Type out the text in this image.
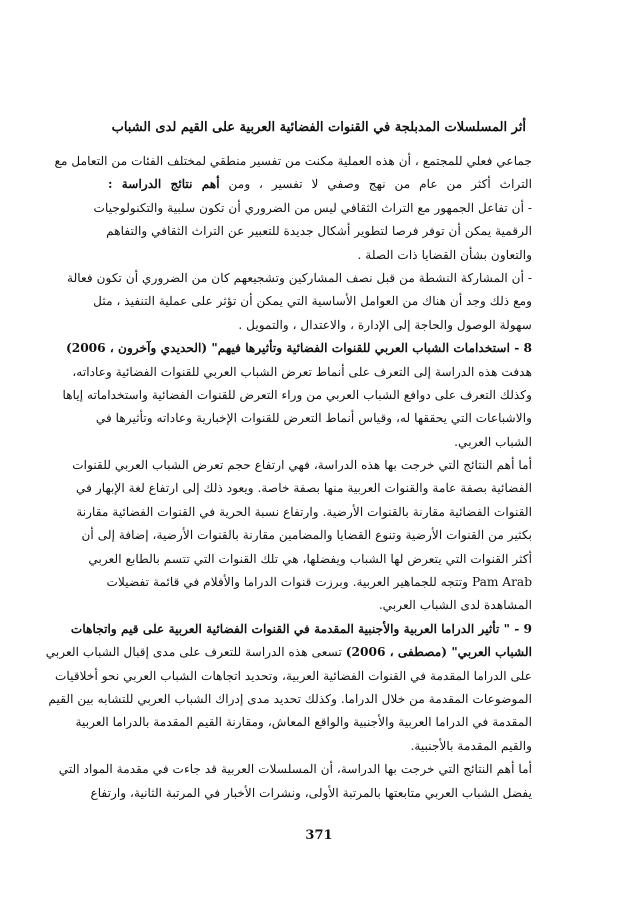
أثر المسلسلات المدبلجة في القنوات الفضائية العربية على القيم لدى الشباب
جماعي فعلي للمجتمع ، أن هذه العملية مكنت من تفسير منطقي لمختلف الفئات من التعامل مع
التراث أكثر من عام من نهج وصفي لا تفسير ، ومن أهم نتائج الدراسة :
- أن تفاعل الجمهور مع التراث الثقافي ليس من الضروري أن تكون سلبية والتكنولوجيات
الرقمية يمكن أن توفر فرصا لتطوير أشكال جديدة للتعبير عن التراث الثقافي والتفاهم
والتعاون بشأن القضايا ذات الصلة .
- أن المشاركة النشطة من قبل نصف المشاركين وتشجيعهم كان من الضروري أن تكون فعالة
ومع ذلك وجد أن هناك من العوامل الأساسية التي يمكن أن تؤثر على عملية التنفيذ ، مثل
سهولة الوصول والحاجة إلى الإدارة ، والاعتدال ، والتمويل .
8 - استخدامات الشباب العربي للقنوات الفضائية وتأثيرها فيهم" (الحديدي وآخرون ، 2006)
هدفت هذه الدراسة إلى التعرف على أنماط تعرض الشباب العربي للقنوات الفضائية وعاداته،
وكذلك التعرف على دوافع الشباب العربي من وراء التعرض للقنوات الفضائية واستخداماته إياها
والاشباعات التي يحققها له، وقياس أنماط التعرض للقنوات الإخبارية وعاداته وتأثيرها في
الشباب العربي.
أما أهم النتائج التي خرجت بها هذه الدراسة، فهي ارتفاع حجم تعرض الشباب العربي للقنوات
الفضائية بصفة عامة والقنوات العربية منها بصفة خاصة. ويعود ذلك إلى ارتفاع لغة الإبهار في
القنوات الفضائية مقارنة بالقنوات الأرضية. وارتفاع نسبة الحرية في القنوات الفضائية مقارنة
بكثير من القنوات الأرضية وتنوع القضايا والمضامين مقارنة بالقنوات الأرضية، إضافة إلى أن
أكثر القنوات التي يتعرض لها الشباب ويفضلها، هي تلك القنوات التي تتسم بالطابع العربي
Pam Arab وتتجه للجماهير العربية. وبرزت قنوات الدراما والأفلام في قائمة تفضيلات
المشاهدة لدى الشباب العربي.
9 - " تأثير الدراما العربية والأجنبية المقدمة في القنوات الفضائية العربية على قيم واتجاهات
الشباب العربي" (مصطفى ، 2006) تسعى هذه الدراسة للتعرف على مدى إقبال الشباب العربي
على الدراما المقدمة في القنوات الفضائية العربية، وتحديد اتجاهات الشباب العربي نحو أخلاقيات
الموضوعات المقدمة من خلال الدراما. وكذلك تحديد مدى إدراك الشباب العربي للتشابه بين القيم
المقدمة في الدراما العربية والأجنبية والواقع المعاش، ومقارنة القيم المقدمة بالدراما العربية
والقيم المقدمة بالأجنبية.
أما أهم النتائج التي خرجت بها الدراسة، أن المسلسلات العربية قد جاءت في مقدمة المواد التي
يفضل الشباب العربي متابعتها بالمرتبة الأولى، ونشرات الأخبار في المرتبة الثانية، وارتفاع
371
